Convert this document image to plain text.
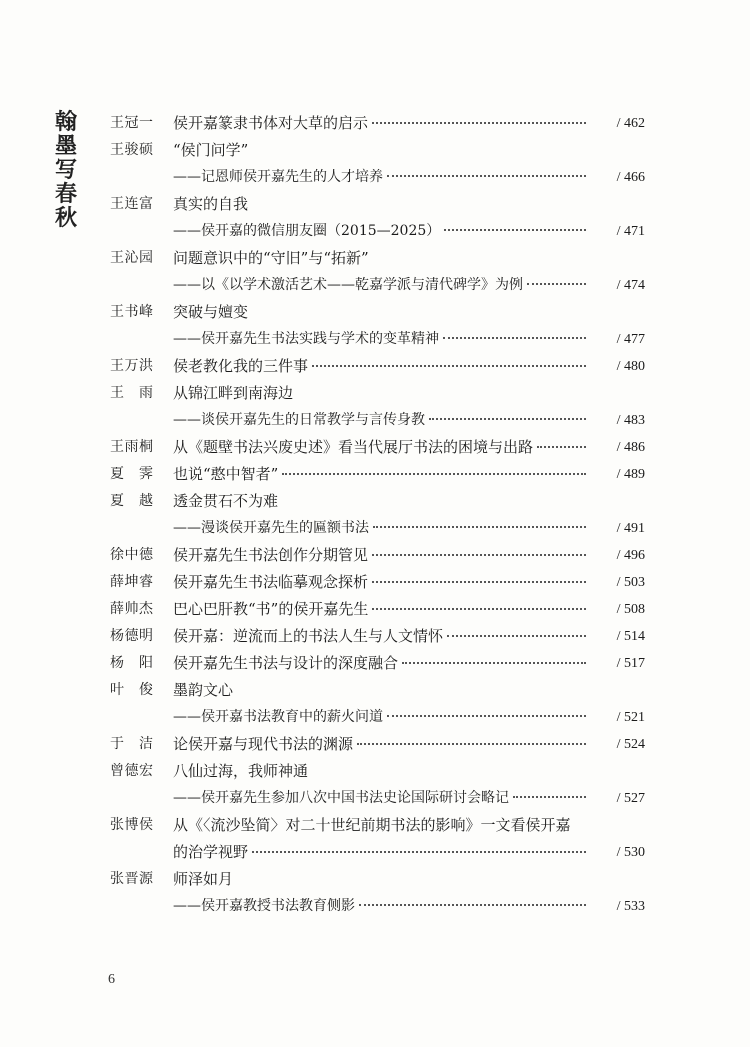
翰
墨
写
春
秋
王冠一	侯开嘉篆隶书体对大草的启示	/ 462
王骏硕	“侯门问学”
——记恩师侯开嘉先生的人才培养	/ 466
王连富	真实的自我
——侯开嘉的微信朋友圈（2015—2025）	/ 471
王沁园	问题意识中的“守旧”与“拓新”
——以《以学术激活艺术——乾嘉学派与清代碑学》为例	/ 474
王书峰	突破与嬗变
——侯开嘉先生书法实践与学术的变革精神	/ 477
王万洪	侯老教化我的三件事	/ 480
王　雨	从锦江畔到南海边
——谈侯开嘉先生的日常教学与言传身教	/ 483
王雨桐	从《题壁书法兴废史述》看当代展厅书法的困境与出路	/ 486
夏　霁	也说“憨中智者”	/ 489
夏　越	透金贯石不为难
——漫谈侯开嘉先生的匾额书法	/ 491
徐中德	侯开嘉先生书法创作分期管见	/ 496
薛坤睿	侯开嘉先生书法临摹观念探析	/ 503
薛帅杰	巴心巴肝教“书”的侯开嘉先生	/ 508
杨德明	侯开嘉：逆流而上的书法人生与人文情怀	/ 514
杨　阳	侯开嘉先生书法与设计的深度融合	/ 517
叶　俊	墨韵文心
——侯开嘉书法教育中的薪火问道	/ 521
于　洁	论侯开嘉与现代书法的渊源	/ 524
曾德宏	八仙过海，我师神通
——侯开嘉先生参加八次中国书法史论国际研讨会略记	/ 527
张博侯	从《〈流沙坠简〉对二十世纪前期书法的影响》一文看侯开嘉
的治学视野	/ 530
张晋源	师泽如月
——侯开嘉教授书法教育侧影	/ 533
6
